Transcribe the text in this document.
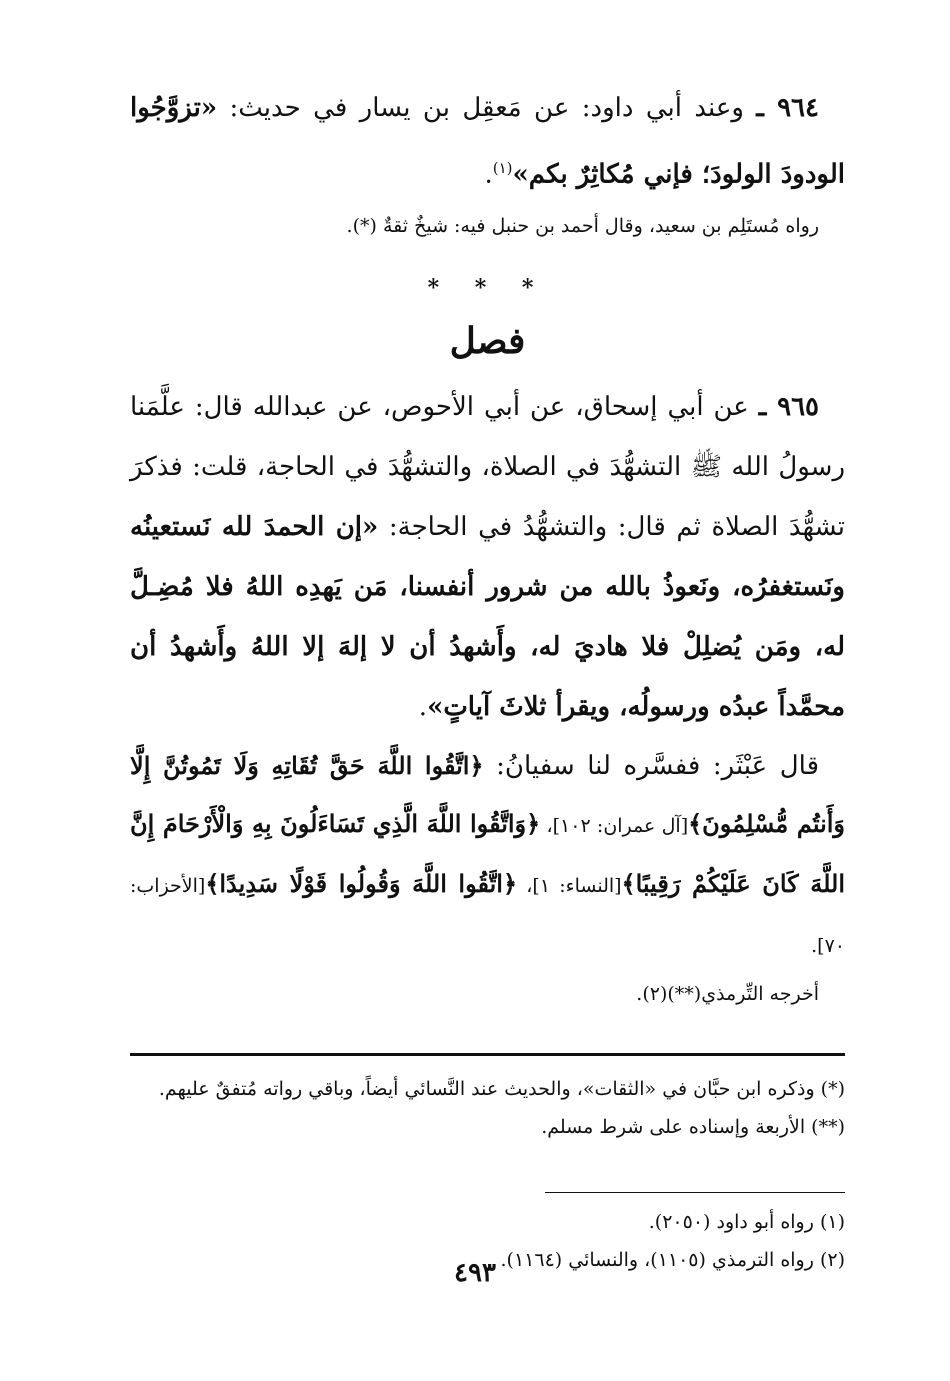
٩٦٤ ـ وعند أبي داود: عن مَعقِل بن يسار في حديث: «تزوَّجُوا الودودَ الولودَ؛ فإني مُكاثِرٌ بكم»$^{(١)}$.

رواه مُستَلِم بن سعيد، وقال أحمد بن حنبل فيه: شيخٌ ثقةٌ (*).

* * *
فصل

٩٦٥ ـ عن أبي إسحاق، عن أبي الأحوص، عن عبدالله قال: علَّمَنا رسولُ الله ﷺ التشهُّدَ في الصلاة، والتشهُّدَ في الحاجة، قلت: فذكرَ تشهُّدَ الصلاة ثم قال: والتشهُّدُ في الحاجة: «إن الحمدَ لله نَستعينُه ونَستغفرُه، ونَعوذُ بالله من شرور أنفسنا، مَن يَهدِه اللهُ فلا مُضِـلَّ له، ومَن يُضلِلْ فلا هاديَ له، وأَشهدُ أن لا إلهَ إلا اللهُ وأَشهدُ أن محمَّداً عبدُه ورسولُه، ويقرأ ثلاثَ آياتٍ».

قال عَبْثَر: ففسَّره لنا سفيانُ: ﴿اتَّقُوا اللَّهَ حَقَّ تُقَاتِهِ وَلَا تَمُوتُنَّ إِلَّا وَأَنتُم مُّسْلِمُونَ﴾[آل عمران: ١٠٢]، ﴿وَاتَّقُوا اللَّهَ الَّذِي تَسَاءَلُونَ بِهِ وَالْأَرْحَامَ إِنَّ اللَّهَ كَانَ عَلَيْكُمْ رَقِيبًا﴾[النساء: ١]، ﴿اتَّقُوا اللَّهَ وَقُولُوا قَوْلًا سَدِيدًا﴾[الأحزاب: ٧٠].

أخرجه التِّرمذي(**)(٢).

(*) وذكره ابن حبَّان في «الثقات»، والحديث عند النَّسائي أيضاً، وباقي رواته مُتفقٌ عليهم.

(**) الأربعة وإسناده على شرط مسلم.

(١) رواه أبو داود (٢٠٥٠).

(٢) رواه الترمذي (١١٠٥)، والنسائي (١١٦٤).

٤٩٣
